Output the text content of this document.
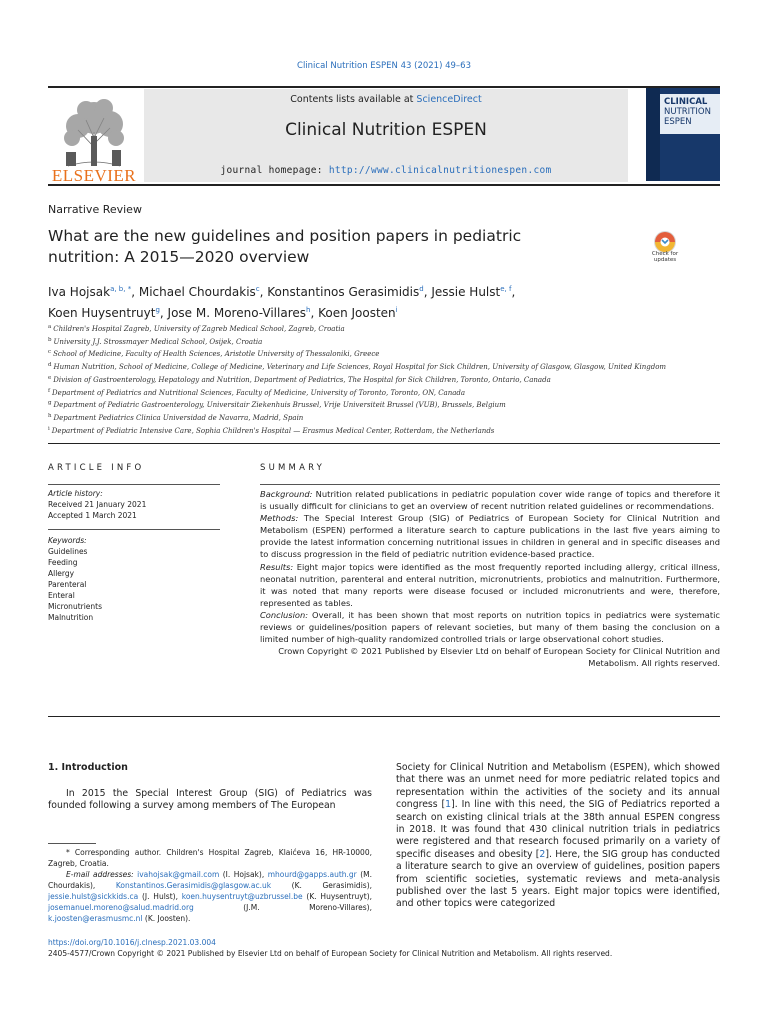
Clinical Nutrition ESPEN 43 (2021) 49–63
ELSEVIER
Contents lists available at ScienceDirect
Clinical Nutrition ESPEN
journal homepage: http://www.clinicalnutritionespen.com
CLINICAL
NUTRITION
ESPEN
Narrative Review
What are the new guidelines and position papers in pediatric nutrition: A 2015—2020 overview	Check for updates
Iva Hojsak$^{a, b, *}$, Michael Chourdakis$^c$, Konstantinos Gerasimidis$^d$, Jessie Hulst$^{e, f}$,
Koen Huysentruyt$^g$, Jose M. Moreno-Villares$^h$, Koen Joosten$^i$
$^a$ Children's Hospital Zagreb, University of Zagreb Medical School, Zagreb, Croatia
$^b$ University J.J. Strossmayer Medical School, Osijek, Croatia
$^c$ School of Medicine, Faculty of Health Sciences, Aristotle University of Thessaloniki, Greece
$^d$ Human Nutrition, School of Medicine, College of Medicine, Veterinary and Life Sciences, Royal Hospital for Sick Children, University of Glasgow, Glasgow, United Kingdom
$^e$ Division of Gastroenterology, Hepatology and Nutrition, Department of Pediatrics, The Hospital for Sick Children, Toronto, Ontario, Canada
$^f$ Department of Pediatrics and Nutritional Sciences, Faculty of Medicine, University of Toronto, Toronto, ON, Canada
$^g$ Department of Pediatric Gastroenterology, Universitair Ziekenhuis Brussel, Vrije Universiteit Brussel (VUB), Brussels, Belgium
$^h$ Department Pediatrics Clinica Universidad de Navarra, Madrid, Spain
$^i$ Department of Pediatric Intensive Care, Sophia Children's Hospital — Erasmus Medical Center, Rotterdam, the Netherlands
ARTICLE INFO
Article history:
Received 21 January 2021
Accepted 1 March 2021
Keywords:
Guidelines
Feeding
Allergy
Parenteral
Enteral
Micronutrients
Malnutrition
SUMMARY
Background: Nutrition related publications in pediatric population cover wide range of topics and therefore it is usually difficult for clinicians to get an overview of recent nutrition related guidelines or recommendations.
Methods: The Special Interest Group (SIG) of Pediatrics of European Society for Clinical Nutrition and Metabolism (ESPEN) performed a literature search to capture publications in the last five years aiming to provide the latest information concerning nutritional issues in children in general and in specific diseases and to discuss progression in the field of pediatric nutrition evidence-based practice.
Results: Eight major topics were identified as the most frequently reported including allergy, critical illness, neonatal nutrition, parenteral and enteral nutrition, micronutrients, probiotics and malnutrition. Furthermore, it was noted that many reports were disease focused or included micronutrients and were, therefore, represented as tables.
Conclusion: Overall, it has been shown that most reports on nutrition topics in pediatrics were systematic reviews or guidelines/position papers of relevant societies, but many of them basing the conclusion on a limited number of high-quality randomized controlled trials or large observational cohort studies.
Crown Copyright © 2021 Published by Elsevier Ltd on behalf of European Society for Clinical Nutrition and Metabolism. All rights reserved.
1. Introduction
In 2015 the Special Interest Group (SIG) of Pediatrics was founded following a survey among members of The European
Society for Clinical Nutrition and Metabolism (ESPEN), which showed that there was an unmet need for more pediatric related topics and representation within the activities of the society and its annual congress [1]. In line with this need, the SIG of Pediatrics reported a search on existing clinical trials at the 38th annual ESPEN congress in 2018. It was found that 430 clinical nutrition trials in pediatrics were registered and that research focused primarily on a variety of specific diseases and obesity [2]. Here, the SIG group has conducted a literature search to give an overview of guidelines, position papers from scientific societies, systematic reviews and meta-analysis published over the last 5 years. Eight major topics were identified, and other topics were categorized
* Corresponding author. Children's Hospital Zagreb, Klaićeva 16, HR-10000, Zagreb, Croatia.
E-mail addresses: ivahojsak@gmail.com (I. Hojsak), mhourd@gapps.auth.gr (M. Chourdakis), Konstantinos.Gerasimidis@glasgow.ac.uk (K. Gerasimidis), jessie.hulst@sickkids.ca (J. Hulst), koen.huysentruyt@uzbrussel.be (K. Huysentruyt), josemanuel.moreno@salud.madrid.org (J.M. Moreno-Villares), k.joosten@erasmusmc.nl (K. Joosten).
https://doi.org/10.1016/j.clnesp.2021.03.004
2405-4577/Crown Copyright © 2021 Published by Elsevier Ltd on behalf of European Society for Clinical Nutrition and Metabolism. All rights reserved.
